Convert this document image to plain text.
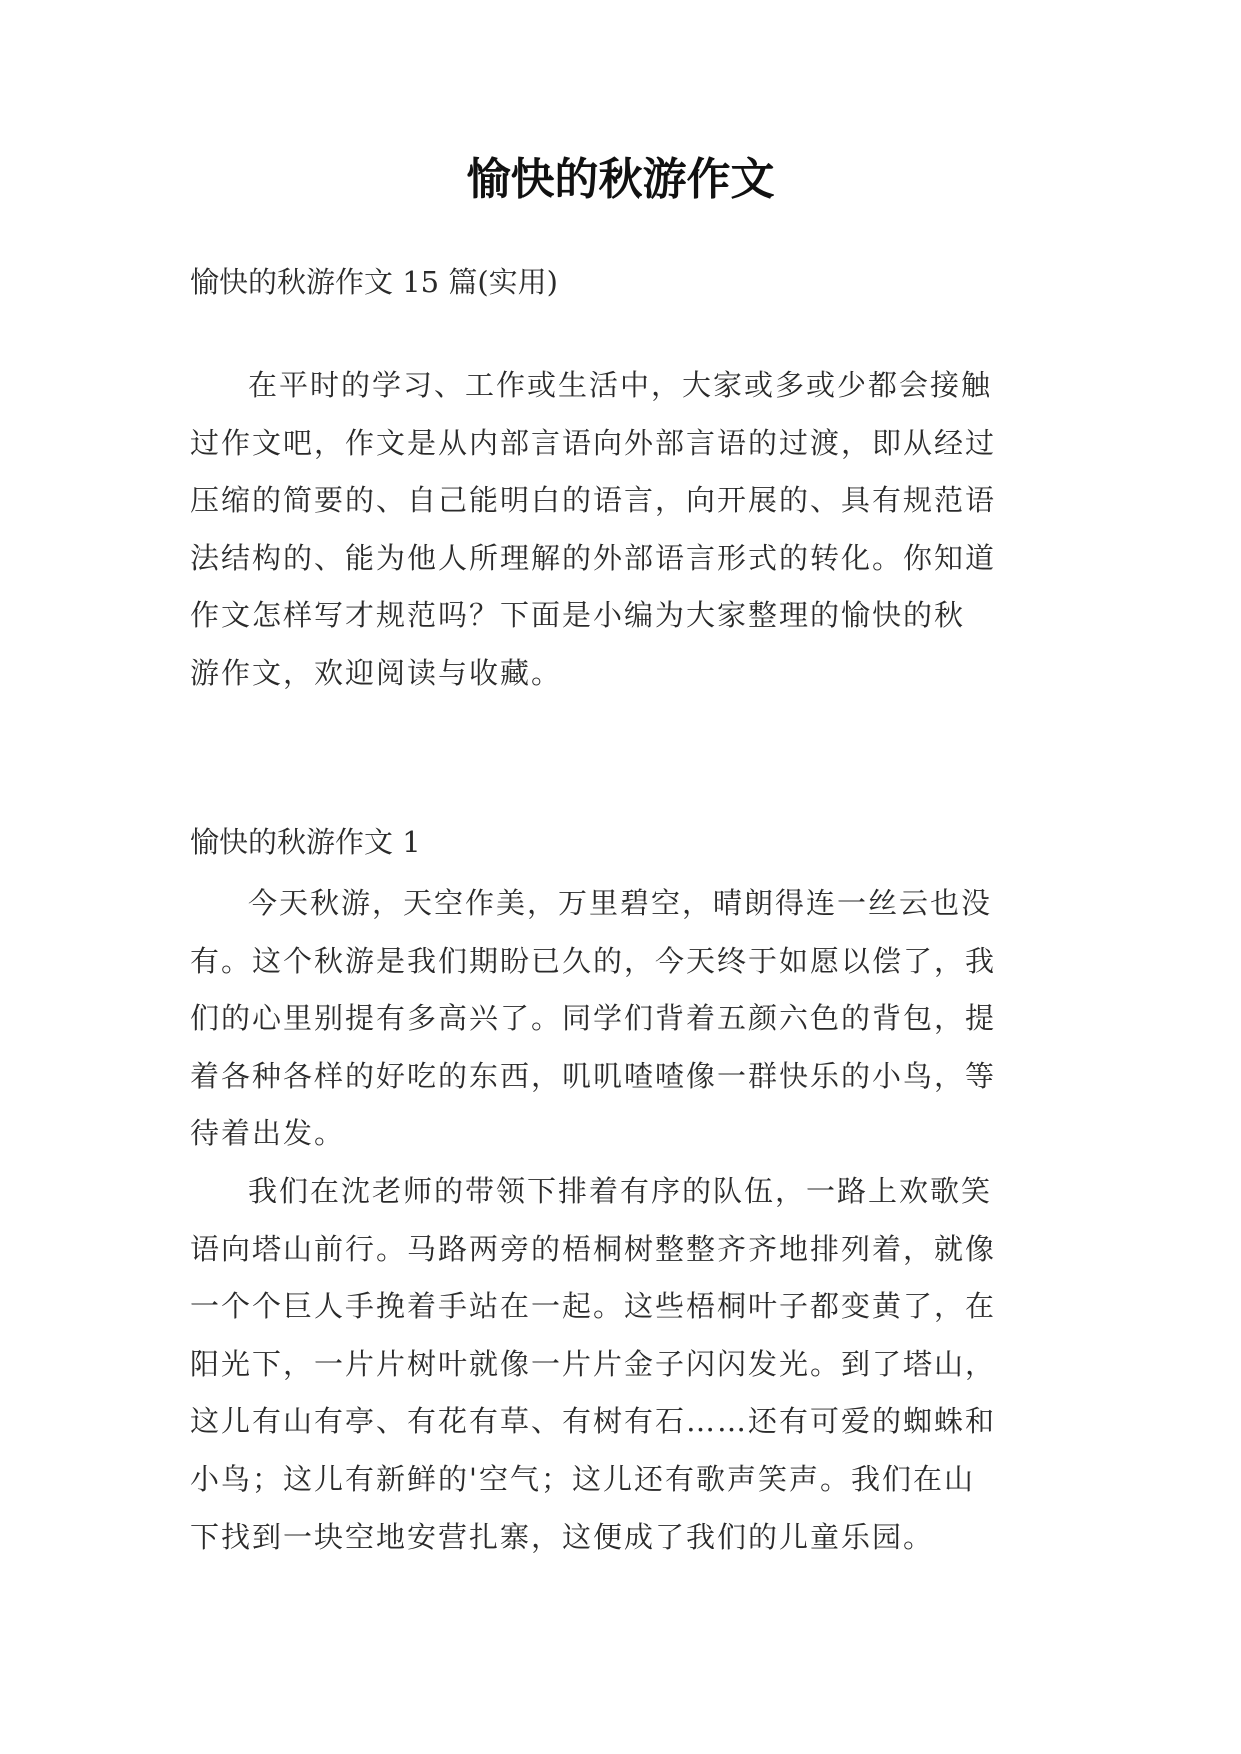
愉快的秋游作文

愉快的秋游作文 15 篇(实用)

在平时的学习、工作或生活中，大家或多或少都会接触
过作文吧，作文是从内部言语向外部言语的过渡，即从经过
压缩的简要的、自己能明白的语言，向开展的、具有规范语
法结构的、能为他人所理解的外部语言形式的转化。你知道
作文怎样写才规范吗？下面是小编为大家整理的愉快的秋
游作文，欢迎阅读与收藏。

愉快的秋游作文 1

今天秋游，天空作美，万里碧空，晴朗得连一丝云也没
有。这个秋游是我们期盼已久的，今天终于如愿以偿了，我
们的心里别提有多高兴了。同学们背着五颜六色的背包，提
着各种各样的好吃的东西，叽叽喳喳像一群快乐的小鸟，等
待着出发。
我们在沈老师的带领下排着有序的队伍，一路上欢歌笑
语向塔山前行。马路两旁的梧桐树整整齐齐地排列着，就像
一个个巨人手挽着手站在一起。这些梧桐叶子都变黄了，在
阳光下，一片片树叶就像一片片金子闪闪发光。到了塔山，
这儿有山有亭、有花有草、有树有石……还有可爱的蜘蛛和
小鸟；这儿有新鲜的'空气；这儿还有歌声笑声。我们在山
下找到一块空地安营扎寨，这便成了我们的儿童乐园。
